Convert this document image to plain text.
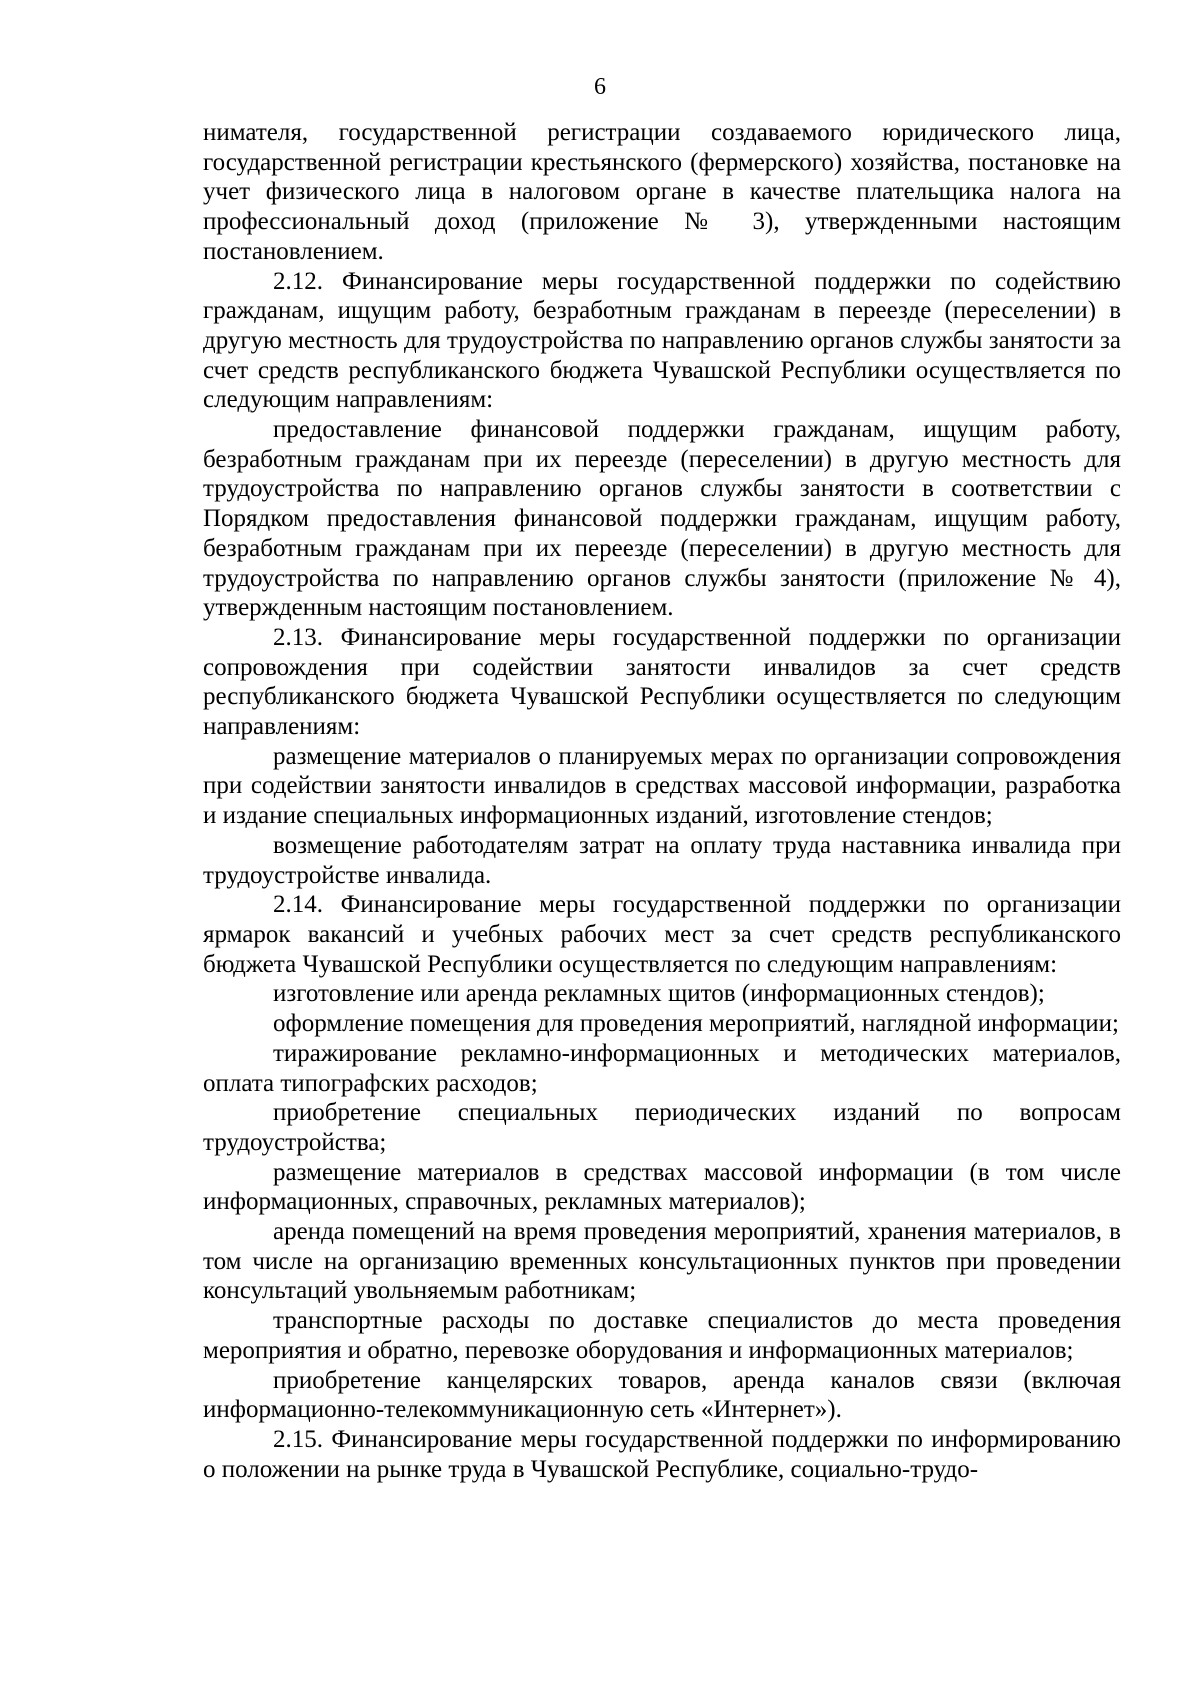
6

нимателя, государственной регистрации создаваемого юридического лица, государственной регистрации крестьянского (фермерского) хозяйства, постановке на учет физического лица в налоговом органе в качестве плательщика налога на профессиональный доход (приложение № 3), утвержденными настоящим постановлением.

2.12. Финансирование меры государственной поддержки по содействию гражданам, ищущим работу, безработным гражданам в переезде (переселении) в другую местность для трудоустройства по направлению органов службы занятости за счет средств республиканского бюджета Чувашской Республики осуществляется по следующим направлениям:

предоставление финансовой поддержки гражданам, ищущим работу, безработным гражданам при их переезде (переселении) в другую местность для трудоустройства по направлению органов службы занятости в соответствии с Порядком предоставления финансовой поддержки гражданам, ищущим работу, безработным гражданам при их переезде (переселении) в другую местность для трудоустройства по направлению органов службы занятости (приложение № 4), утвержденным настоящим постановлением.

2.13. Финансирование меры государственной поддержки по организации сопровождения при содействии занятости инвалидов за счет средств республиканского бюджета Чувашской Республики осуществляется по следующим направлениям:

размещение материалов о планируемых мерах по организации сопровождения при содействии занятости инвалидов в средствах массовой информации, разработка и издание специальных информационных изданий, изготовление стендов;

возмещение работодателям затрат на оплату труда наставника инвалида при трудоустройстве инвалида.

2.14. Финансирование меры государственной поддержки по организации ярмарок вакансий и учебных рабочих мест за счет средств республиканского бюджета Чувашской Республики осуществляется по следующим направлениям:

изготовление или аренда рекламных щитов (информационных стендов);

оформление помещения для проведения мероприятий, наглядной информации;

тиражирование рекламно-информационных и методических материалов, оплата типографских расходов;

приобретение специальных периодических изданий по вопросам трудоустройства;

размещение материалов в средствах массовой информации (в том числе информационных, справочных, рекламных материалов);

аренда помещений на время проведения мероприятий, хранения материалов, в том числе на организацию временных консультационных пунктов при проведении консультаций увольняемым работникам;

транспортные расходы по доставке специалистов до места проведения мероприятия и обратно, перевозке оборудования и информационных материалов;

приобретение канцелярских товаров, аренда каналов связи (включая информационно-телекоммуникационную сеть «Интернет»).

2.15. Финансирование меры государственной поддержки по информированию о положении на рынке труда в Чувашской Республике, социально-трудо-
